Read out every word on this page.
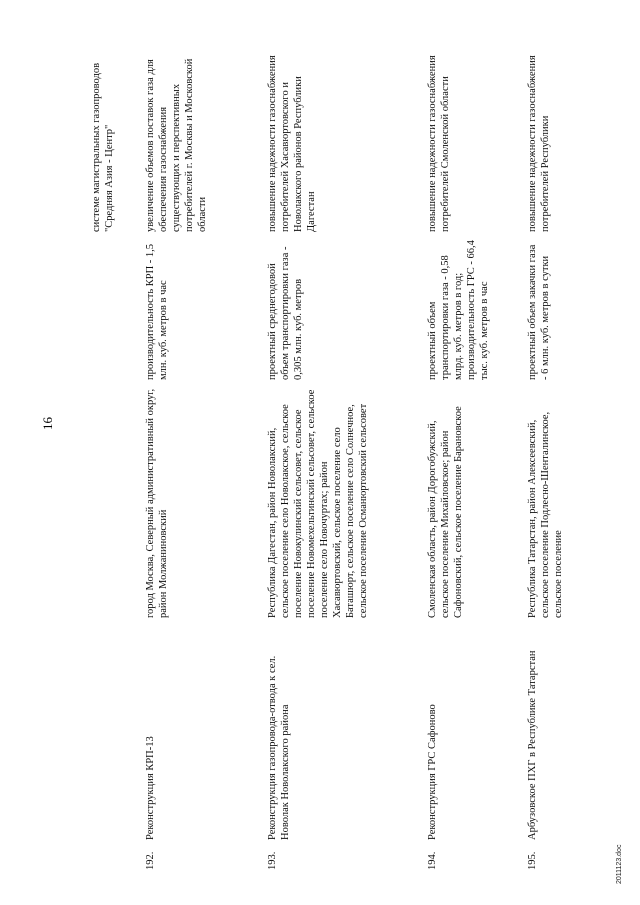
16
системе магистральных газопроводов "Средняя Азия - Центр"
192.
Реконструкция КРП-13
город Москва, Северный административный округ, район Молжаниновский
производительность КРП - 1,5 млн. куб. метров в час
увеличение объемов поставок газа для обеспечения газоснабжения существующих и перспективных потребителей г. Москвы и Московской области
193.
Реконструкция газопровода-отвода к сел. Новолак Новолакского района
Республика Дагестан, район Новолакский, сельское поселение село Новолакское, сельское поселение Новокулинский сельсовет, сельское поселение Новомехельтинский сельсовет, сельское поселение село Новочуртах; район Хасавюртовский, сельское поселение село Баташюрт, сельское поселение село Солнечное, сельское поселение Османюртовский сельсовет
проектный среднегодовой объем транспортировки газа - 0,305 млн. куб. метров
повышение надежности газоснабжения потребителей Хасавюртовского и Новолакского районов Республики Дагестан
194.
Реконструкция ГРС Сафоново
Смоленская область, район Дорогобужский, сельское поселение Михайловское; район Сафоновский, сельское поселение Барановское
проектный объем транспортировки газа - 0,58 млрд. куб. метров в год; производительность ГРС - 66,4 тыс. куб. метров в час
повышение надежности газоснабжения потребителей Смоленской области
195.
Арбузовское ПХГ в Республике Татарстан
Республика Татарстан, район Алексеевский, сельское поселение Подлесно-Шенталинское, сельское поселение
проектный объем закачки газа - 6 млн. куб. метров в сутки
повышение надежности газоснабжения потребителей Республики
2011123.doc
